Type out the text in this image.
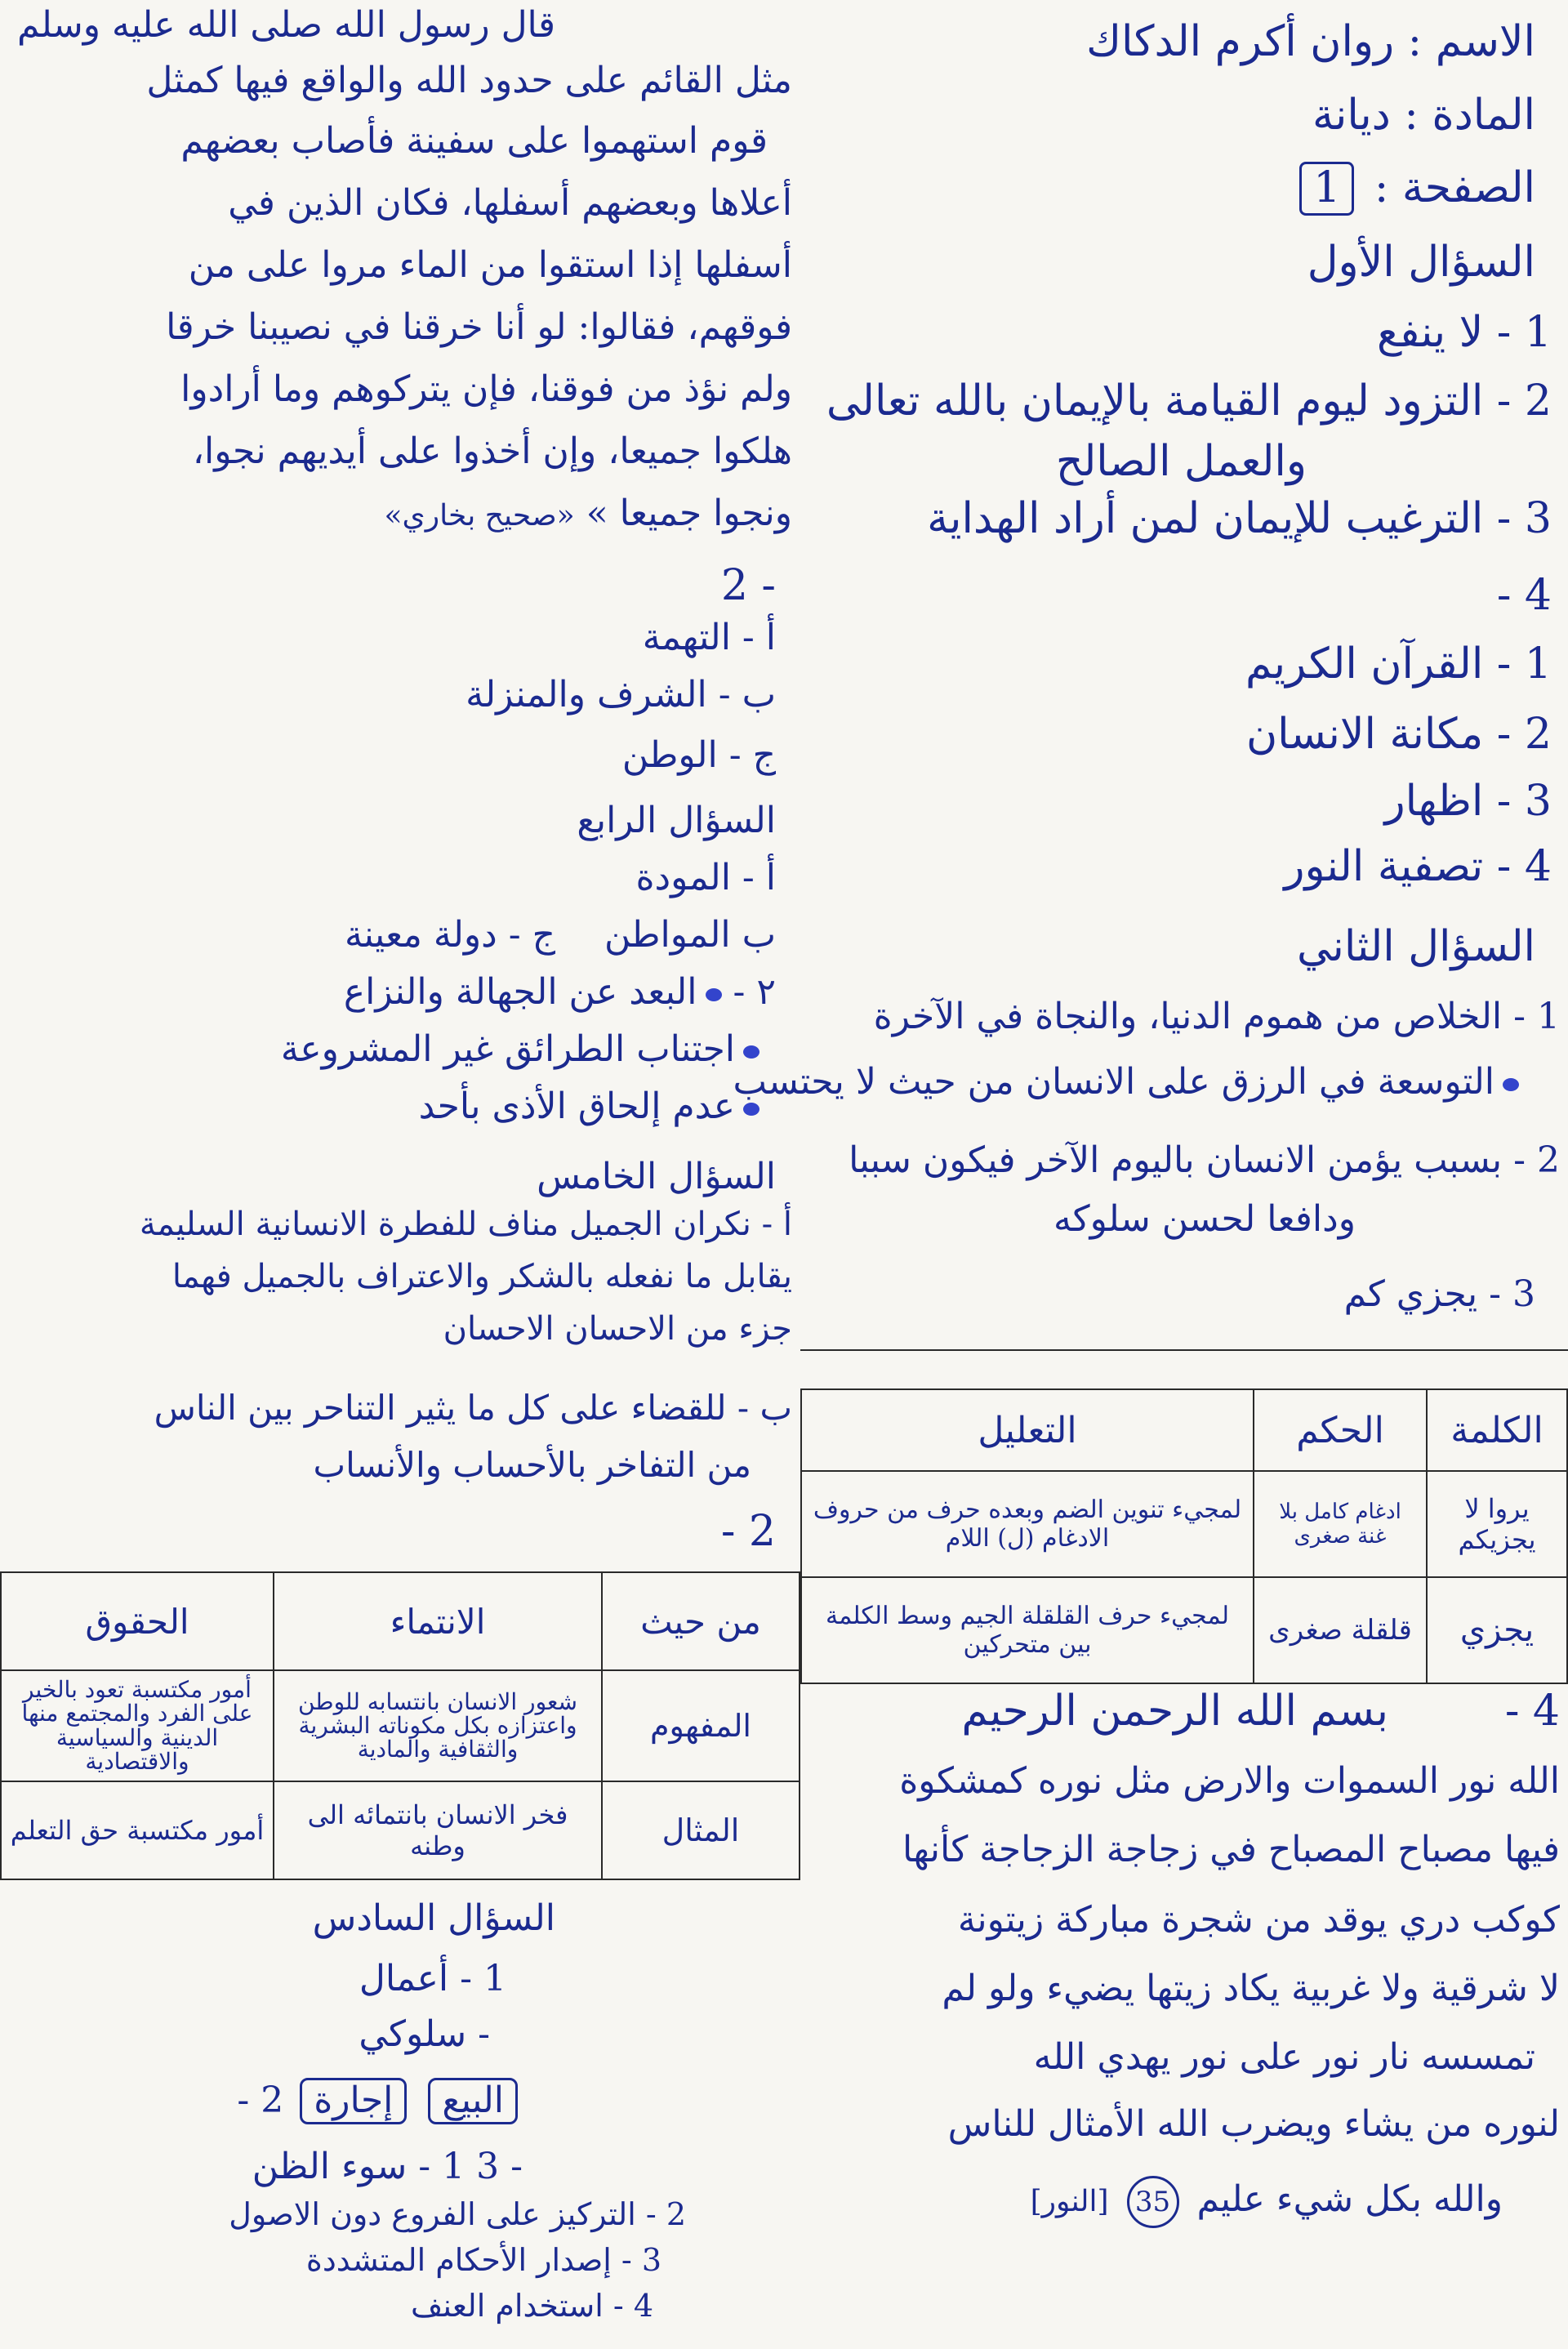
الاسم : روان أكرم الدكاك
المادة : ديانة
الصفحة : 1
السؤال الأول
1 - لا ينفع
2 - التزود ليوم القيامة بالإيمان بالله تعالى
والعمل الصالح
3 - الترغيب للإيمان لمن أراد الهداية
- 4
1 - القرآن الكريم
2 - مكانة الانسان
3 - اظهار
4 - تصفية النور
السؤال الثاني
1 - الخلاص من هموم الدنيا، والنجاة في الآخرة
التوسعة في الرزق على الانسان من حيث لا يحتسب
2 - بسبب يؤمن الانسان باليوم الآخر فيكون سببا
ودافعا لحسن سلوكه
3 - يجزي كم
الكلمة	الحكم	التعليل
يروا لا يجزيكم	ادغام كامل بلا غنة صغرى	لمجيء تنوين الضم وبعده حرف من حروف الادغام (ل) اللام
يجزي	قلقلة صغرى	لمجيء حرف القلقلة الجيم وسط الكلمة بين متحركين
- 4
بسم الله الرحمن الرحيم
الله نور السموات والارض مثل نوره كمشكوة
فيها مصباح المصباح في زجاجة الزجاجة كأنها
كوكب دري يوقد من شجرة مباركة زيتونة
لا شرقية ولا غربية يكاد زيتها يضيء ولو لم
تمسسه نار نور على نور يهدي الله
لنوره من يشاء ويضرب الله الأمثال للناس
والله بكل شيء عليم 35 [النور]
قال رسول الله صلى الله عليه وسلم
مثل القائم على حدود الله والواقع فيها كمثل
قوم استهموا على سفينة فأصاب بعضهم
أعلاها وبعضهم أسفلها، فكان الذين في
أسفلها إذا استقوا من الماء مروا على من
فوقهم، فقالوا: لو أنا خرقنا في نصيبنا خرقا
ولم نؤذ من فوقنا، فإن يتركوهم وما أرادوا
هلكوا جميعا، وإن أخذوا على أيديهم نجوا،
ونجوا جميعا » «صحيح بخاري»
2 -
أ - التهمة
ب - الشرف والمنزلة
ج - الوطن
السؤال الرابع
أ - المودة
ب المواطن
ج - دولة معينة
٢ - البعد عن الجهالة والنزاع
اجتناب الطرائق غير المشروعة
عدم إلحاق الأذى بأحد
السؤال الخامس
أ - نكران الجميل مناف للفطرة الانسانية السليمة
يقابل ما نفعله بالشكر والاعتراف بالجميل فهما
جزء من الاحسان الاحسان
ب - للقضاء على كل ما يثير التناحر بين الناس
من التفاخر بالأحساب والأنساب
- 2
من حيث	الانتماء	الحقوق
المفهوم	شعور الانسان بانتسابه للوطن واعتزازه بكل مكوناته البشرية والثقافية والمادية	أمور مكتسبة تعود بالخير على الفرد والمجتمع منها الدينية والسياسية والاقتصادية
المثال	فخر الانسان بانتمائه الى وطنه	أمور مكتسبة حق التعلم
السؤال السادس
1 - أعمال
- سلوكي
- 2 إجارة البيع
- 3 1 - سوء الظن
2 - التركيز على الفروع دون الاصول
3 - إصدار الأحكام المتشددة
4 - استخدام العنف
